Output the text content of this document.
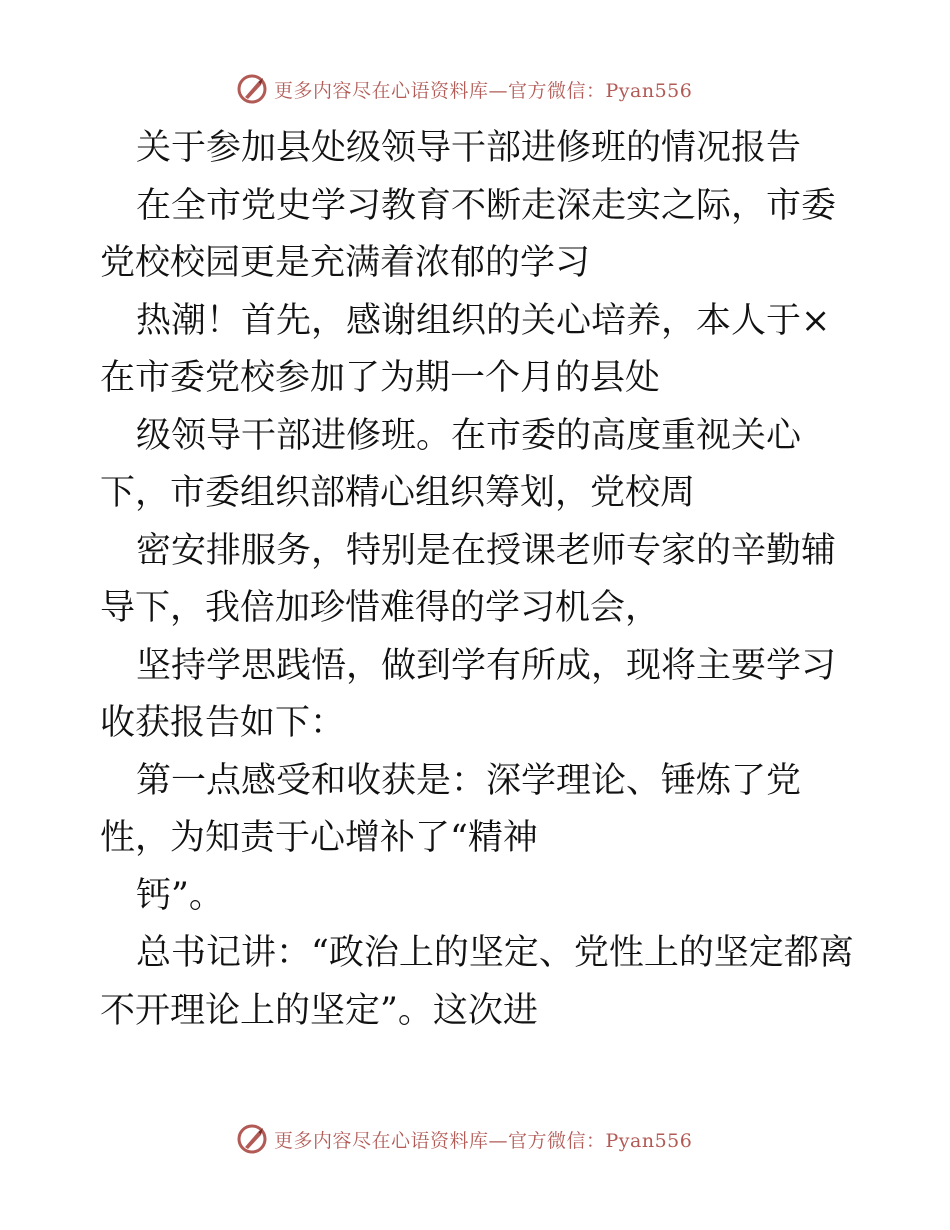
更多内容尽在心语资料库—官方微信：Pyan556

关于参加县处级领导干部进修班的情况报告

在全市党史学习教育不断走深走实之际，市委党校校园更是充满着浓郁的学习

热潮！首先，感谢组织的关心培养，本人于×在市委党校参加了为期一个月的县处

级领导干部进修班。在市委的高度重视关心下，市委组织部精心组织筹划，党校周

密安排服务，特别是在授课老师专家的辛勤辅导下，我倍加珍惜难得的学习机会，

坚持学思践悟，做到学有所成，现将主要学习收获报告如下：

第一点感受和收获是：深学理论、锤炼了党性，为知责于心增补了“精神

钙”。

总书记讲：“政治上的坚定、党性上的坚定都离不开理论上的坚定”。这次进

更多内容尽在心语资料库—官方微信：Pyan556
